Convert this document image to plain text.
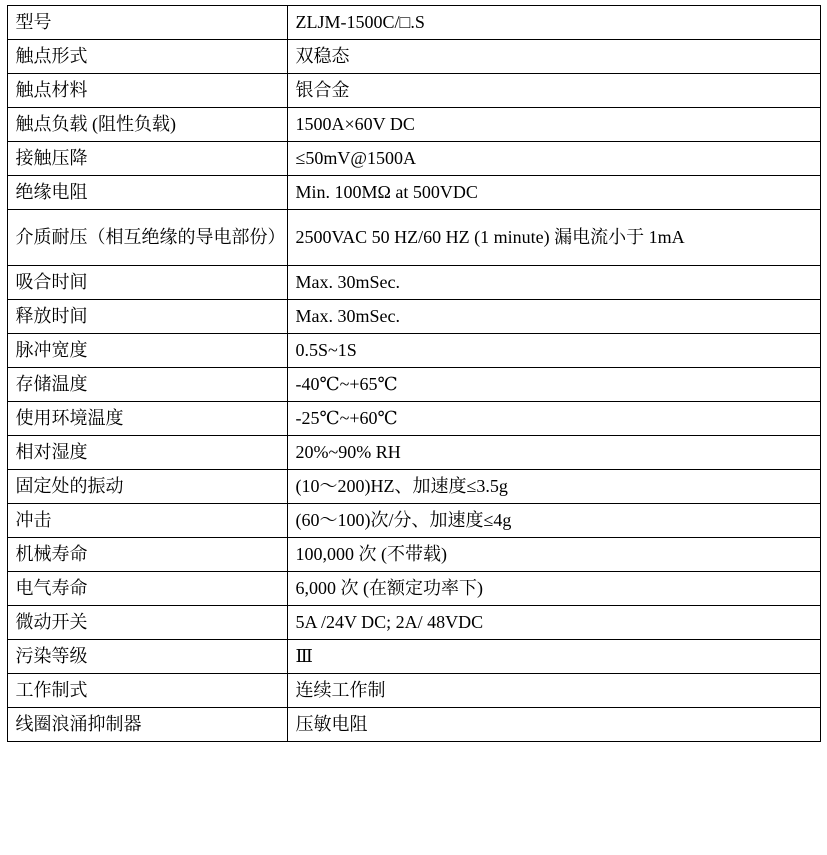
型号	ZLJM-1500C/□.S
触点形式	双稳态
触点材料	银合金
触点负载 (阻性负载)	1500A×60V DC
接触压降	≤50mV@1500A
绝缘电阻	Min. 100MΩ at 500VDC
介质耐压（相互绝缘的导电部份）	2500VAC 50 HZ/60 HZ (1 minute) 漏电流小于 1mA
吸合时间	Max. 30mSec.
释放时间	Max. 30mSec.
脉冲宽度	0.5S~1S
存储温度	-40℃~+65℃
使用环境温度	-25℃~+60℃
相对湿度	20%~90% RH
固定处的振动	(10～200)HZ、加速度≤3.5g
冲击	(60～100)次/分、加速度≤4g
机械寿命	100,000 次 (不带载)
电气寿命	6,000 次 (在额定功率下)
微动开关	5A /24V DC; 2A/ 48VDC
污染等级	Ⅲ
工作制式	连续工作制
线圈浪涌抑制器	压敏电阻
